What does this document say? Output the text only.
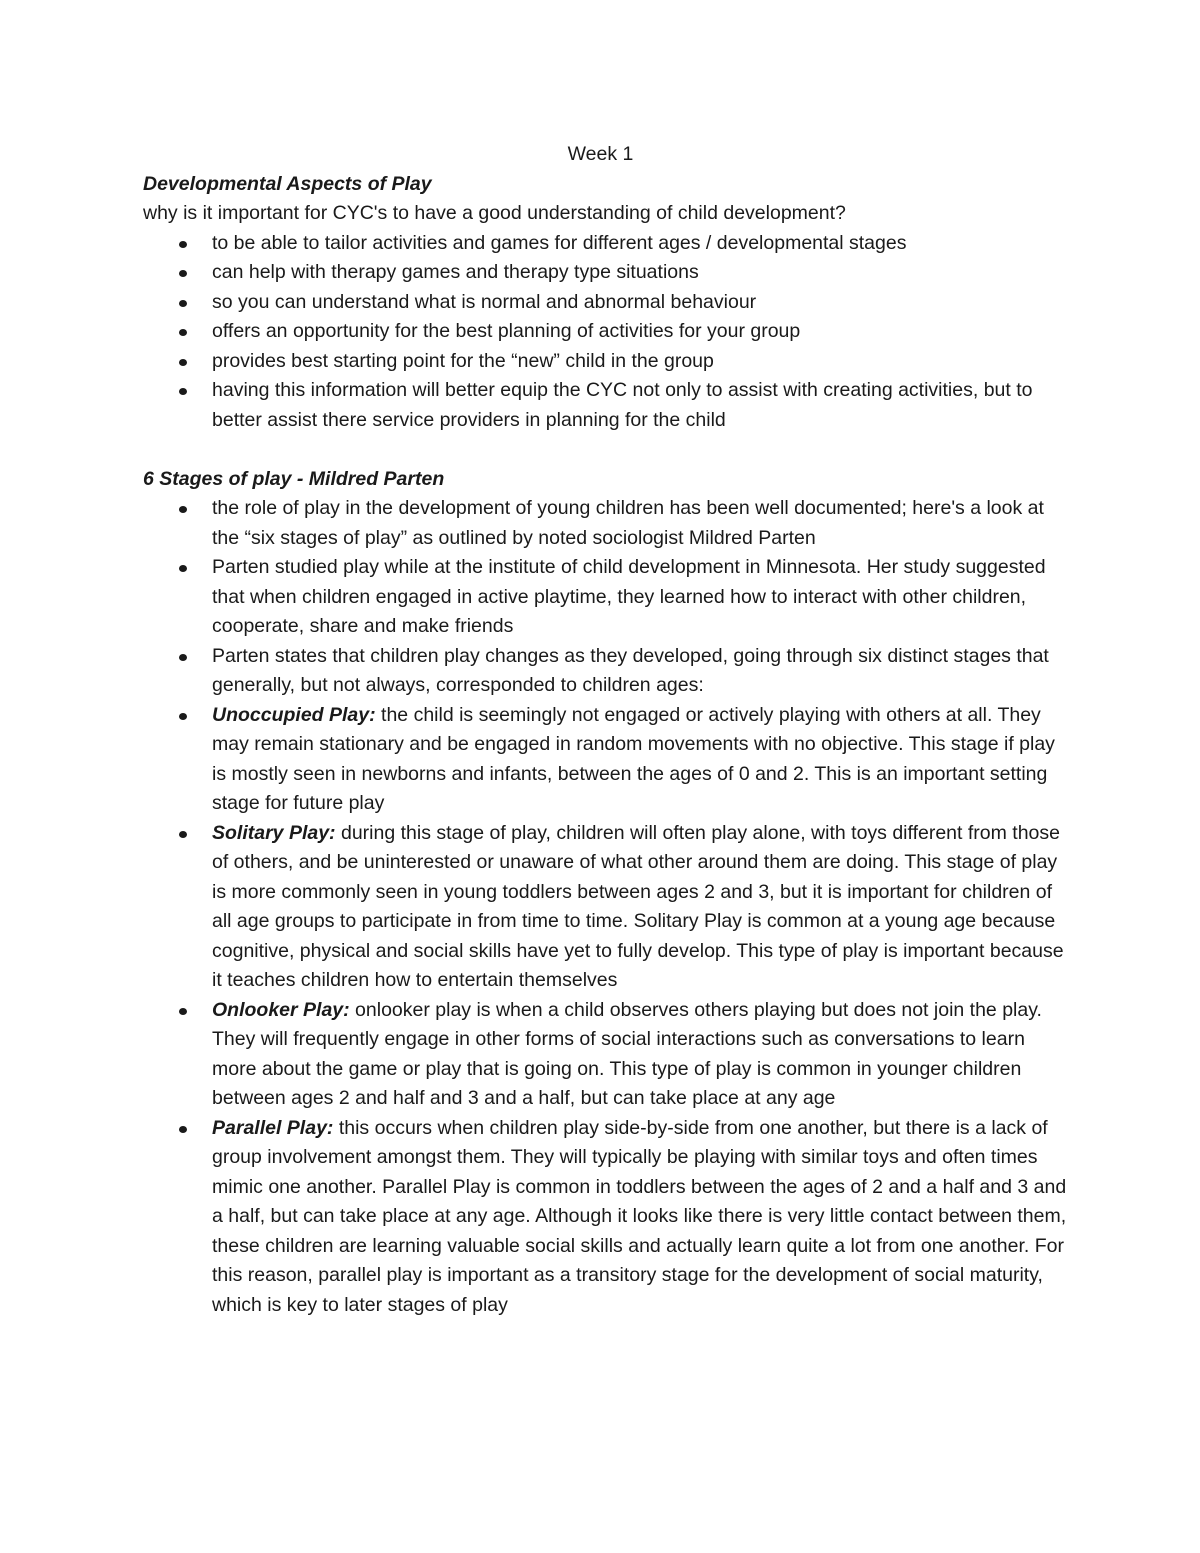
Week 1

Developmental Aspects of Play

why is it important for CYC's to have a good understanding of child development?

to be able to tailor activities and games for different ages / developmental stages
can help with therapy games and therapy type situations
so you can understand what is normal and abnormal behaviour
offers an opportunity for the best planning of activities for your group
provides best starting point for the “new” child in the group
having this information will better equip the CYC not only to assist with creating activities, but to better assist there service providers in planning for the child

6 Stages of play - Mildred Parten

the role of play in the development of young children has been well documented; here's a look at the “six stages of play” as outlined by noted sociologist Mildred Parten
Parten studied play while at the institute of child development in Minnesota. Her study suggested that when children engaged in active playtime, they learned how to interact with other children, cooperate, share and make friends
Parten states that children play changes as they developed, going through six distinct stages that generally, but not always, corresponded to children ages:
Unoccupied Play: the child is seemingly not engaged or actively playing with others at all. They may remain stationary and be engaged in random movements with no objective. This stage if play is mostly seen in newborns and infants, between the ages of 0 and 2. This is an important setting stage for future play
Solitary Play: during this stage of play, children will often play alone, with toys different from those of others, and be uninterested or unaware of what other around them are doing. This stage of play is more commonly seen in young toddlers between ages 2 and 3, but it is important for children of all age groups to participate in from time to time. Solitary Play is common at a young age because cognitive, physical and social skills have yet to fully develop. This type of play is important because it teaches children how to entertain themselves
Onlooker Play: onlooker play is when a child observes others playing but does not join the play. They will frequently engage in other forms of social interactions such as conversations to learn more about the game or play that is going on. This type of play is common in younger children between ages 2 and half and 3 and a half, but can take place at any age
Parallel Play: this occurs when children play side-by-side from one another, but there is a lack of group involvement amongst them. They will typically be playing with similar toys and often times mimic one another. Parallel Play is common in toddlers between the ages of 2 and a half and 3 and a half, but can take place at any age. Although it looks like there is very little contact between them, these children are learning valuable social skills and actually learn quite a lot from one another. For this reason, parallel play is important as a transitory stage for the development of social maturity, which is key to later stages of play
